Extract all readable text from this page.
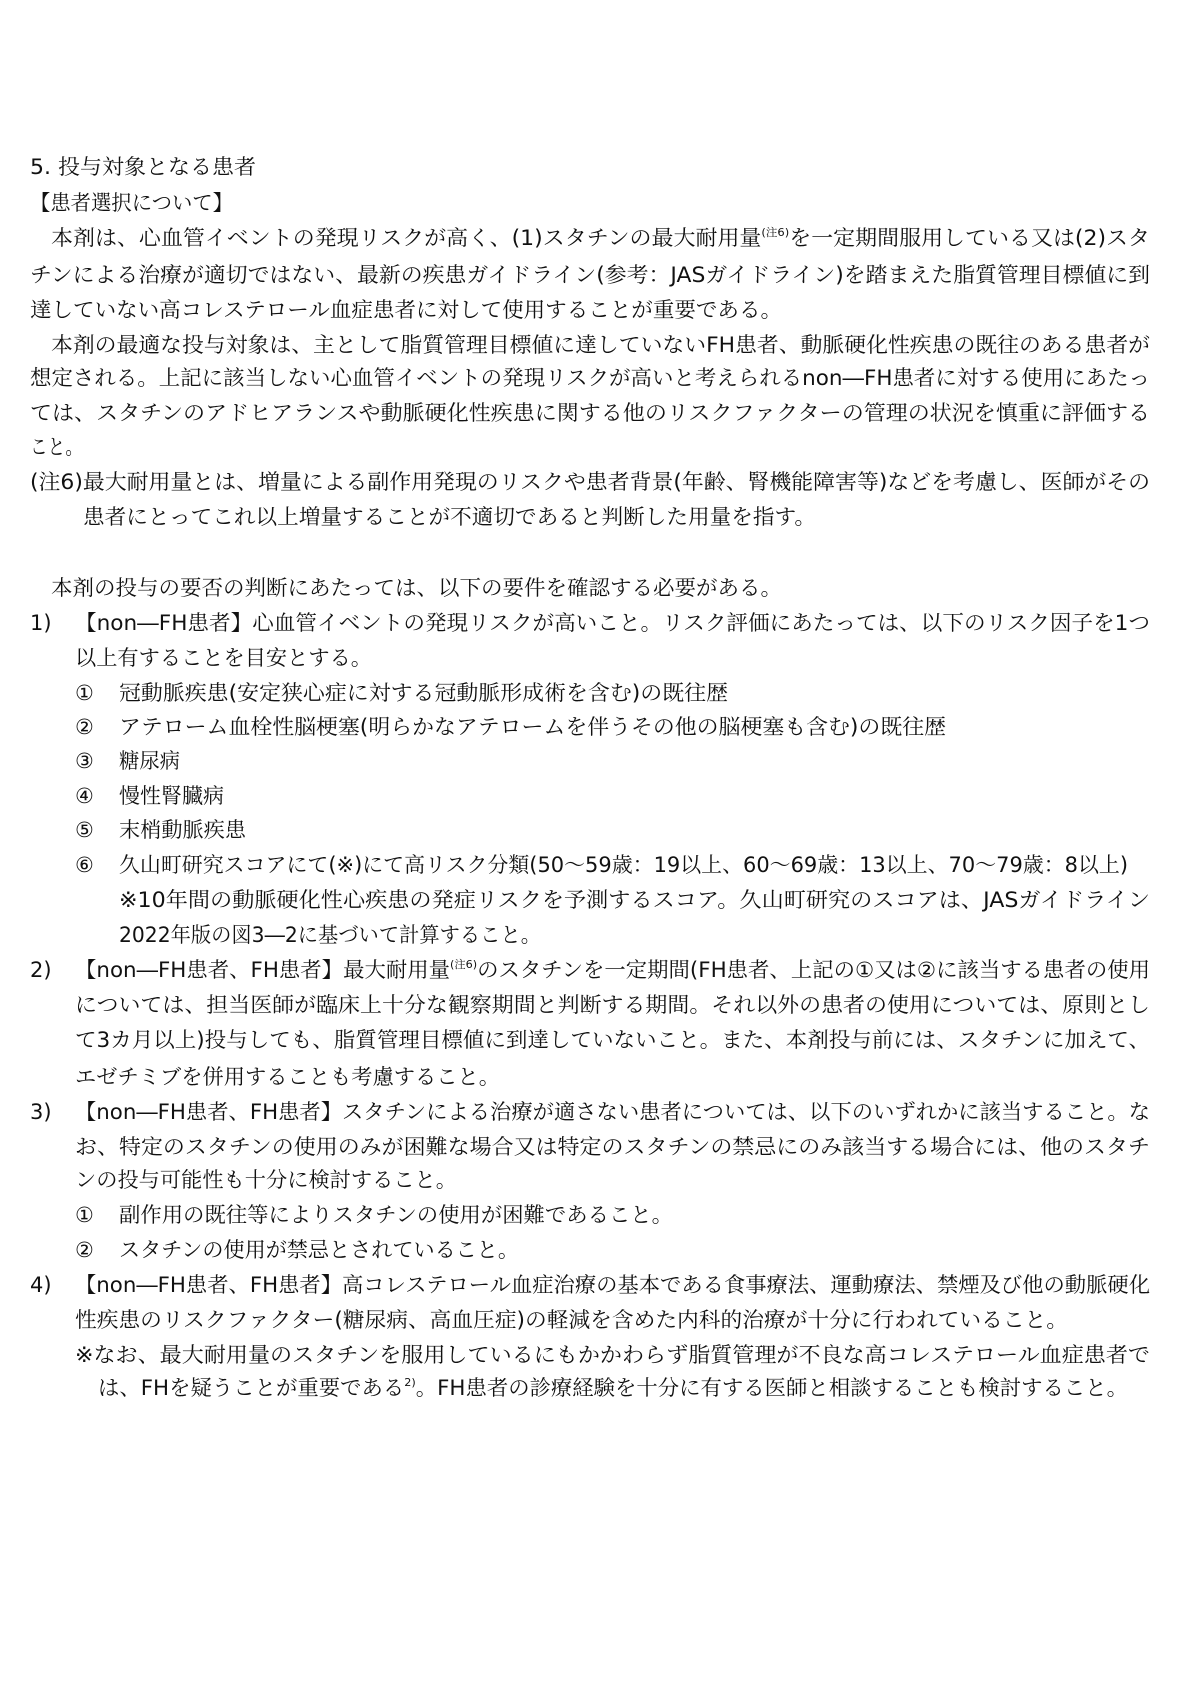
5. 投与対象となる患者
【患者選択について】
本剤は、心血管イベントの発現リスクが高く、(1)スタチンの最大耐用量$^{(注6)}$を一定期間服用している又は(2)スタ
チンによる治療が適切ではない、最新の疾患ガイドライン(参考：JASガイドライン)を踏まえた脂質管理目標値に到
達していない高コレステロール血症患者に対して使用することが重要である。
本剤の最適な投与対象は、主として脂質管理目標値に達していないFH患者、動脈硬化性疾患の既往のある患者が
想定される。上記に該当しない心血管イベントの発現リスクが高いと考えられるnon―FH患者に対する使用にあたっ
ては、スタチンのアドヒアランスや動脈硬化性疾患に関する他のリスクファクターの管理の状況を慎重に評価する
こと。
(注6)最大耐用量とは、増量による副作用発現のリスクや患者背景(年齢、腎機能障害等)などを考慮し、医師がその
患者にとってこれ以上増量することが不適切であると判断した用量を指す。
本剤の投与の要否の判断にあたっては、以下の要件を確認する必要がある。
1) 【non―FH患者】心血管イベントの発現リスクが高いこと。リスク評価にあたっては、以下のリスク因子を1つ
以上有することを目安とする。
① 冠動脈疾患(安定狭心症に対する冠動脈形成術を含む)の既往歴
② アテローム血栓性脳梗塞(明らかなアテロームを伴うその他の脳梗塞も含む)の既往歴
③ 糖尿病
④ 慢性腎臓病
⑤ 末梢動脈疾患
⑥ 久山町研究スコアにて(※)にて高リスク分類(50～59歳：19以上、60～69歳：13以上、70～79歳：8以上)
※10年間の動脈硬化性心疾患の発症リスクを予測するスコア。久山町研究のスコアは、JASガイドライン
2022年版の図3―2に基づいて計算すること。
2) 【non―FH患者、FH患者】最大耐用量$^{(注6)}$のスタチンを一定期間(FH患者、上記の①又は②に該当する患者の使用
については、担当医師が臨床上十分な観察期間と判断する期間。それ以外の患者の使用については、原則とし
て3カ月以上)投与しても、脂質管理目標値に到達していないこと。また、本剤投与前には、スタチンに加えて、
エゼチミブを併用することも考慮すること。
3) 【non―FH患者、FH患者】スタチンによる治療が適さない患者については、以下のいずれかに該当すること。な
お、特定のスタチンの使用のみが困難な場合又は特定のスタチンの禁忌にのみ該当する場合には、他のスタチ
ンの投与可能性も十分に検討すること。
① 副作用の既往等によりスタチンの使用が困難であること。
② スタチンの使用が禁忌とされていること。
4) 【non―FH患者、FH患者】高コレステロール血症治療の基本である食事療法、運動療法、禁煙及び他の動脈硬化
性疾患のリスクファクター(糖尿病、高血圧症)の軽減を含めた内科的治療が十分に行われていること。
※なお、最大耐用量のスタチンを服用しているにもかかわらず脂質管理が不良な高コレステロール血症患者で
は、FHを疑うことが重要である$^{2)}$。FH患者の診療経験を十分に有する医師と相談することも検討すること。
